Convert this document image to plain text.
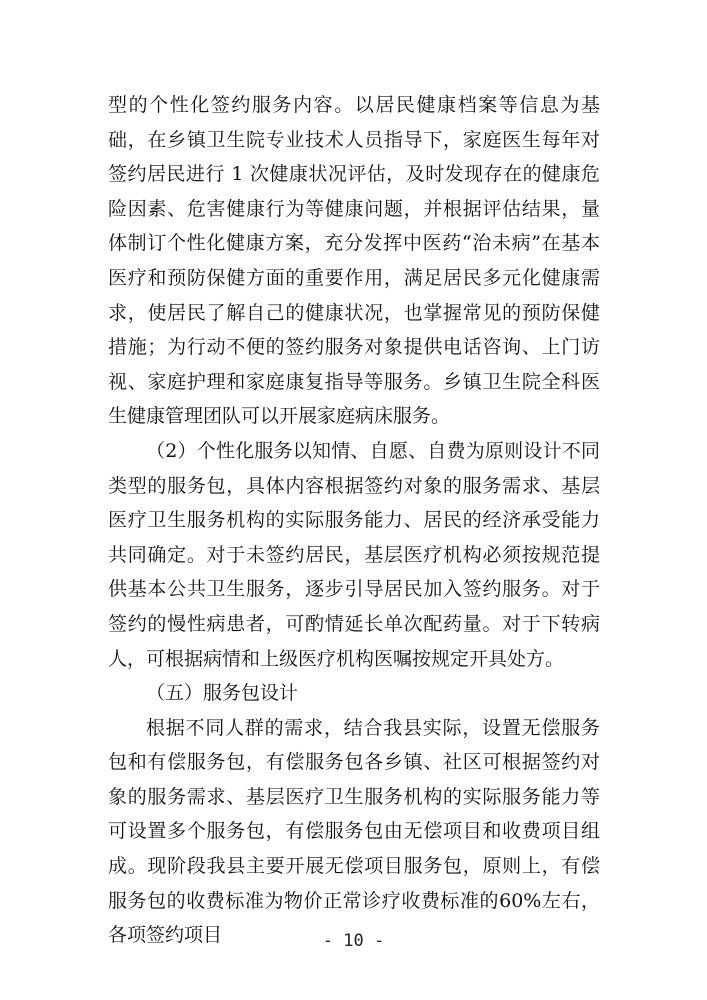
型的个性化签约服务内容。以居民健康档案等信息为基础，在乡镇卫生院专业技术人员指导下，家庭医生每年对签约居民进行 1 次健康状况评估，及时发现存在的健康危险因素、危害健康行为等健康问题，并根据评估结果，量体制订个性化健康方案，充分发挥中医药“治未病”在基本医疗和预防保健方面的重要作用，满足居民多元化健康需求，使居民了解自己的健康状况，也掌握常见的预防保健措施；为行动不便的签约服务对象提供电话咨询、上门访视、家庭护理和家庭康复指导等服务。乡镇卫生院全科医生健康管理团队可以开展家庭病床服务。

（2）个性化服务以知情、自愿、自费为原则设计不同类型的服务包，具体内容根据签约对象的服务需求、基层医疗卫生服务机构的实际服务能力、居民的经济承受能力共同确定。对于未签约居民，基层医疗机构必须按规范提供基本公共卫生服务，逐步引导居民加入签约服务。对于签约的慢性病患者，可酌情延长单次配药量。对于下转病人，可根据病情和上级医疗机构医嘱按规定开具处方。

（五）服务包设计

根据不同人群的需求，结合我县实际，设置无偿服务包和有偿服务包，有偿服务包各乡镇、社区可根据签约对象的服务需求、基层医疗卫生服务机构的实际服务能力等可设置多个服务包，有偿服务包由无偿项目和收费项目组成。现阶段我县主要开展无偿项目服务包，原则上，有偿服务包的收费标准为物价正常诊疗收费标准的60%左右，各项签约项目	- 10 -
